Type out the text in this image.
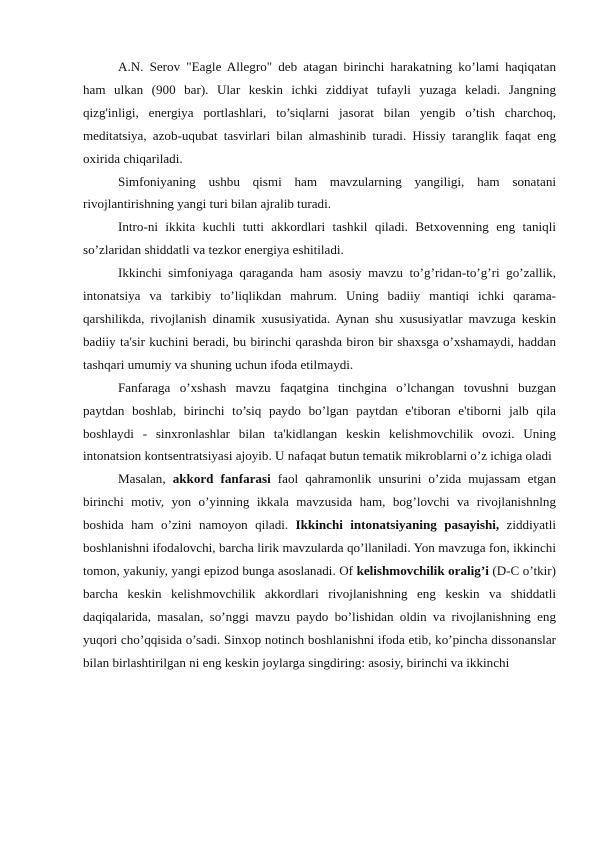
A.N. Serov "Eagle Allegro" deb atagan birinchi harakatning ko’lami haqiqatan ham ulkan (900 bar). Ular keskin ichki ziddiyat tufayli yuzaga keladi. Jangning qizg'inligi, energiya portlashlari, to’siqlarni jasorat bilan yengib o’tish charchoq, meditatsiya, azob-uqubat tasvirlari bilan almashinib turadi. Hissiy taranglik faqat eng oxirida chiqariladi.

Simfoniyaning ushbu qismi ham mavzularning yangiligi, ham sonatani rivojlantirishning yangi turi bilan ajralib turadi.

Intro-ni ikkita kuchli tutti akkordlari tashkil qiladi. Betxovenning eng taniqli so’zlaridan shiddatli va tezkor energiya eshitiladi.

Ikkinchi simfoniyaga qaraganda ham asosiy mavzu to’g’ridan-to’g’ri go’zallik, intonatsiya va tarkibiy to’liqlikdan mahrum. Uning badiiy mantiqi ichki qarama-qarshilikda, rivojlanish dinamik xususiyatida. Aynan shu xususiyatlar mavzuga keskin badiiy ta'sir kuchini beradi, bu birinchi qarashda biron bir shaxsga o’xshamaydi, haddan tashqari umumiy va shuning uchun ifoda etilmaydi.

Fanfaraga o’xshash mavzu faqatgina tinchgina o’lchangan tovushni buzgan paytdan boshlab, birinchi to’siq paydo bo’lgan paytdan e'tiboran e'tiborni jalb qila boshlaydi - sinxronlashlar bilan ta'kidlangan keskin kelishmovchilik ovozi. Uning intonatsion kontsentratsiyasi ajoyib. U nafaqat butun tematik mikroblarni o’z ichiga oladi

Masalan, akkord fanfarasi faol qahramonlik unsurini o’zida mujassam etgan birinchi motiv, yon o’yinning ikkala mavzusida ham, bog’lovchi va rivojlanishnlng boshida ham o’zini namoyon qiladi. Ikkinchi intonatsiyaning pasayishi, ziddiyatli boshlanishni ifodalovchi, barcha lirik mavzularda qo’llaniladi. Yon mavzuga fon, ikkinchi tomon, yakuniy, yangi epizod bunga asoslanadi. Of kelishmovchilik oralig’i (D-C o’tkir) barcha keskin kelishmovchilik akkordlari rivojlanishning eng keskin va shiddatli daqiqalarida, masalan, so’nggi mavzu paydo bo’lishidan oldin va rivojlanishning eng yuqori cho’qqisida o’sadi. Sinxop notinch boshlanishni ifoda etib, ko’pincha dissonanslar bilan birlashtirilgan ni eng keskin joylarga singdiring: asosiy, birinchi va ikkinchi
